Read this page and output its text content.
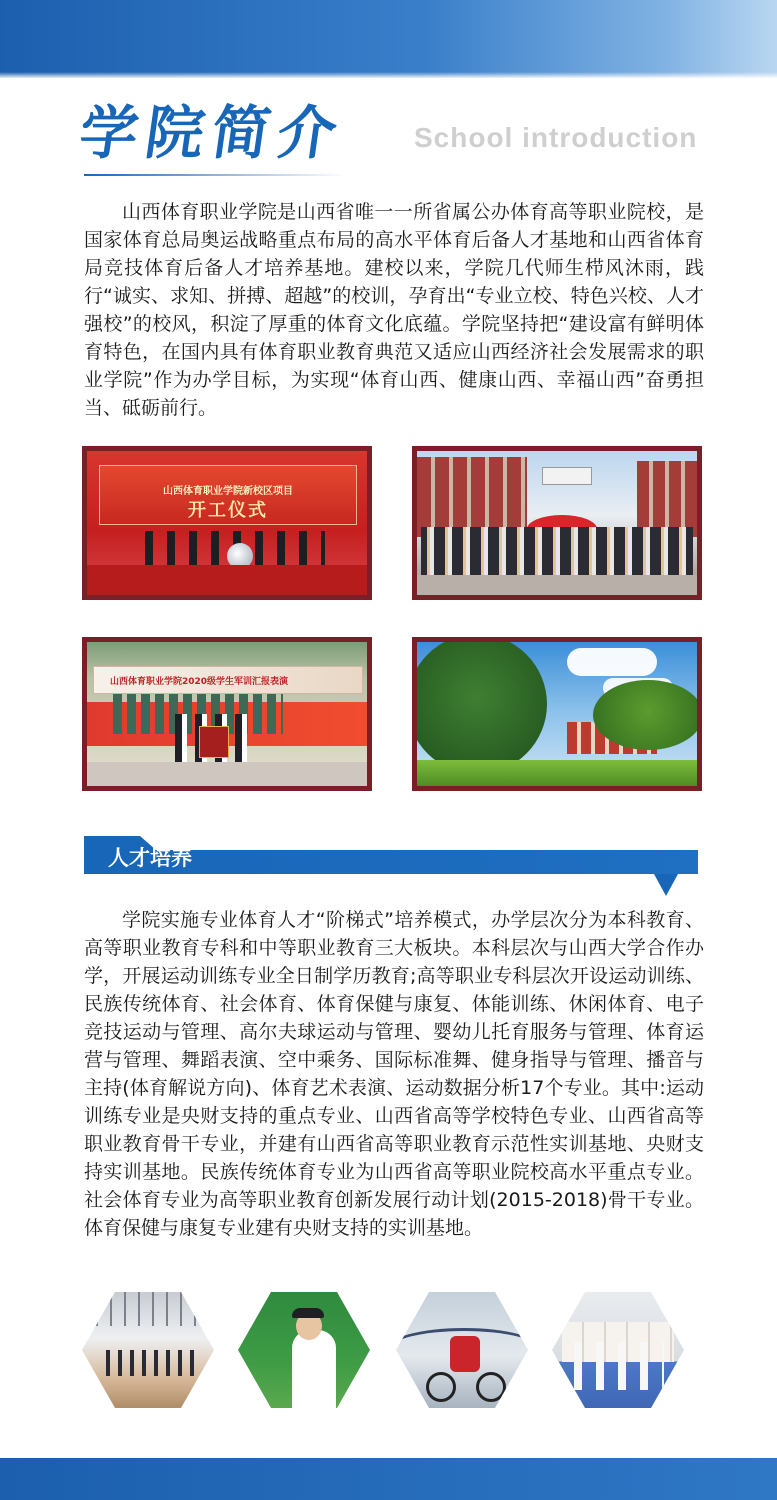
学院简介 School introduction

山西体育职业学院是山西省唯一一所省属公办体育高等职业院校，是国家体育总局奥运战略重点布局的高水平体育后备人才基地和山西省体育局竞技体育后备人才培养基地。建校以来，学院几代师生栉风沐雨，践行“诚实、求知、拼搏、超越”的校训，孕育出“专业立校、特色兴校、人才强校”的校风，积淀了厚重的体育文化底蕴。学院坚持把“建设富有鲜明体育特色，在国内具有体育职业教育典范又适应山西经济社会发展需求的职业学院”作为办学目标，为实现“体育山西、健康山西、幸福山西”奋勇担当、砥砺前行。

山西体育职业学院新校区项目
开工仪式
山西体育职业学院2020级学生军训汇报表演
人才培养

学院实施专业体育人才“阶梯式”培养模式，办学层次分为本科教育、高等职业教育专科和中等职业教育三大板块。本科层次与山西大学合作办学，开展运动训练专业全日制学历教育;高等职业专科层次开设运动训练、民族传统体育、社会体育、体育保健与康复、体能训练、休闲体育、电子竞技运动与管理、高尔夫球运动与管理、婴幼儿托育服务与管理、体育运营与管理、舞蹈表演、空中乘务、国际标准舞、健身指导与管理、播音与主持(体育解说方向)、体育艺术表演、运动数据分析17个专业。其中:运动训练专业是央财支持的重点专业、山西省高等学校特色专业、山西省高等职业教育骨干专业，并建有山西省高等职业教育示范性实训基地、央财支持实训基地。民族传统体育专业为山西省高等职业院校高水平重点专业。社会体育专业为高等职业教育创新发展行动计划(2015-2018)骨干专业。体育保健与康复专业建有央财支持的实训基地。
